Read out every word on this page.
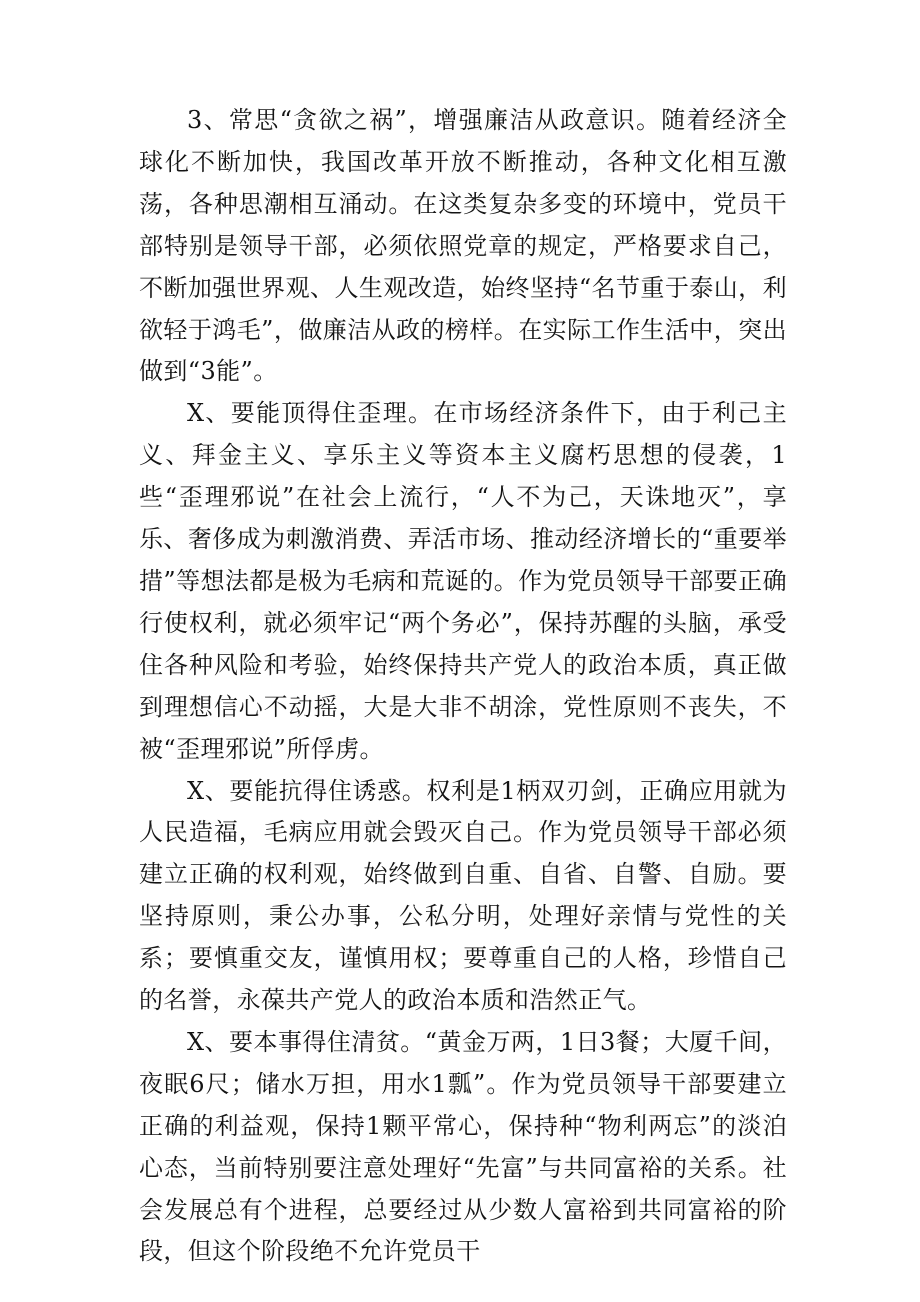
3、常思“贪欲之祸”，增强廉洁从政意识。随着经济全球化不断加快，我国改革开放不断推动，各种文化相互激荡，各种思潮相互涌动。在这类复杂多变的环境中，党员干部特别是领导干部，必须依照党章的规定，严格要求自己，不断加强世界观、人生观改造，始终坚持“名节重于泰山，利欲轻于鸿毛”，做廉洁从政的榜样。在实际工作生活中，突出做到“3能”。

X、要能顶得住歪理。在市场经济条件下，由于利己主义、拜金主义、享乐主义等资本主义腐朽思想的侵袭，1些“歪理邪说”在社会上流行，“人不为己，天诛地灭”，享乐、奢侈成为刺激消费、弄活市场、推动经济增长的“重要举措”等想法都是极为毛病和荒诞的。作为党员领导干部要正确行使权利，就必须牢记“两个务必”，保持苏醒的头脑，承受住各种风险和考验，始终保持共产党人的政治本质，真正做到理想信心不动摇，大是大非不胡涂，党性原则不丧失，不被“歪理邪说”所俘虏。

X、要能抗得住诱惑。权利是1柄双刃剑，正确应用就为人民造福，毛病应用就会毁灭自己。作为党员领导干部必须建立正确的权利观，始终做到自重、自省、自警、自励。要坚持原则，秉公办事，公私分明，处理好亲情与党性的关系；要慎重交友，谨慎用权；要尊重自己的人格，珍惜自己的名誉，永葆共产党人的政治本质和浩然正气。

X、要本事得住清贫。“黄金万两，1日3餐；大厦千间，夜眠6尺；储水万担，用水1瓢”。作为党员领导干部要建立正确的利益观，保持1颗平常心，保持种“物利两忘”的淡泊心态，当前特别要注意处理好“先富”与共同富裕的关系。社会发展总有个进程，总要经过从少数人富裕到共同富裕的阶段，但这个阶段绝不允许党员干
